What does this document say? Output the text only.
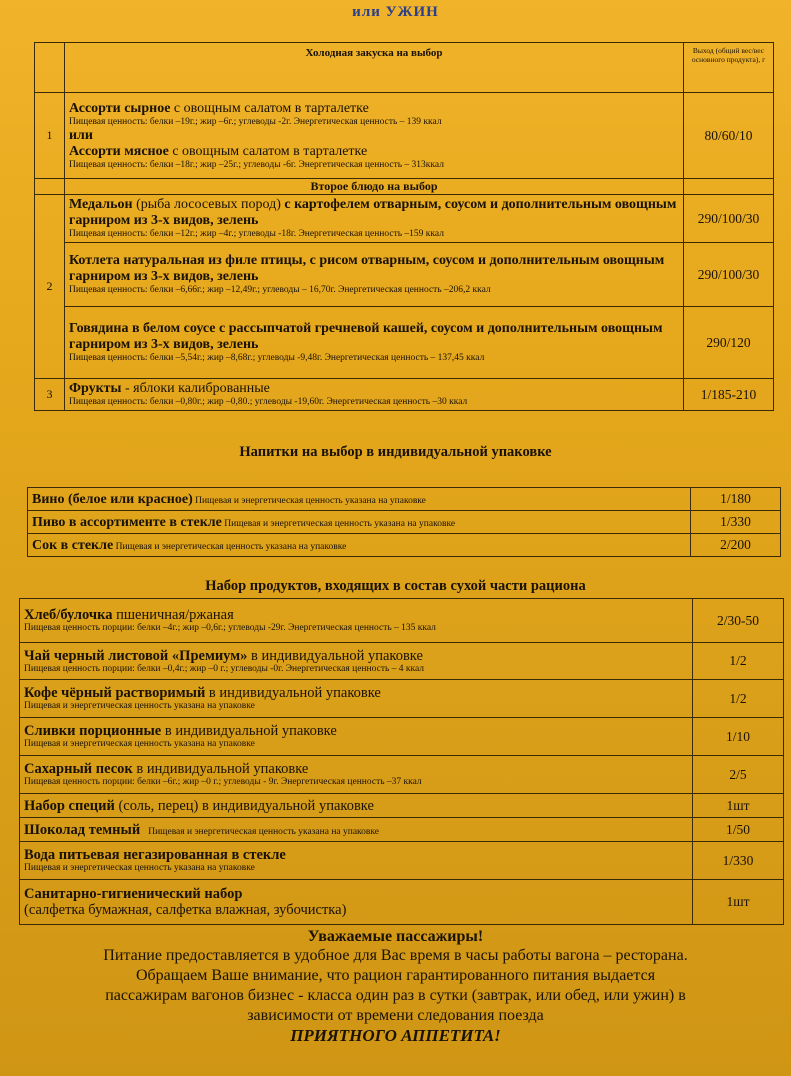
или УЖИН
	Холодная закуска на выбор	Выход (общий вес/вес основного продукта), г
1	Ассорти сырное с овощным салатом в тарталетке
Пищевая ценность: белки –19г.; жир –6г.; углеводы -2г. Энергетическая ценность – 139 ккал
или
Ассорти мясное с овощным салатом в тарталетке
Пищевая ценность: белки –18г.; жир –25г.; углеводы -6г. Энергетическая ценность – 313ккал	80/60/10
	Второе блюдо на выбор	
2	Медальон (рыба лососевых пород) с картофелем отварным, соусом и дополнительным овощным гарниром из 3-х видов, зелень
Пищевая ценность: белки –12г.; жир –4г.; углеводы -18г. Энергетическая ценность –159 ккал	290/100/30

	Котлета натуральная из филе птицы, с рисом отварным, соусом и дополнительным овощным гарниром из 3-х видов, зелень
Пищевая ценность: белки –6,66г.; жир –12,49г.; углеводы – 16,70г. Энергетическая ценность –206,2 ккал	290/100/30

	Говядина в белом соусе с рассыпчатой гречневой кашей, соусом и дополнительным овощным гарниром из 3-х видов, зелень
Пищевая ценность: белки –5,54г.; жир –8,68г.; углеводы -9,48г. Энергетическая ценность – 137,45 ккал	290/120
3	Фрукты - яблоки калиброванные
Пищевая ценность: белки –0,80г.; жир –0,80.; углеводы -19,60г. Энергетическая ценность –30 ккал	1/185-210
Напитки на выбор в индивидуальной упаковке
Вино (белое или красное) Пищевая и энергетическая ценность указана на упаковке	1/180
Пиво в ассортименте в стекле Пищевая и энергетическая ценность указана на упаковке	1/330
Сок в стекле Пищевая и энергетическая ценность указана на упаковке	2/200
Набор продуктов, входящих в состав сухой части рациона
Хлеб/булочка пшеничная/ржаная
Пищевая ценность порции: белки –4г.; жир –0,6г.; углеводы -29г. Энергетическая ценность – 135 ккал	2/30-50

Чай черный листовой «Премиум» в индивидуальной упаковке
Пищевая ценность порции: белки –0,4г.; жир –0 г.; углеводы -0г. Энергетическая ценность – 4 ккал	1/2

Кофе чёрный растворимый в индивидуальной упаковке
Пищевая и энергетическая ценность указана на упаковке	1/2

Сливки порционные в индивидуальной упаковке
Пищевая и энергетическая ценность указана на упаковке	1/10

Сахарный песок в индивидуальной упаковке
Пищевая ценность порции: белки –6г.; жир –0 г.; углеводы - 9г. Энергетическая ценность –37 ккал	2/5

Набор специй (соль, перец) в индивидуальной упаковке	1шт
Шоколад темный Пищевая и энергетическая ценность указана на упаковке	1/50

Вода питьевая негазированная в стекле
Пищевая и энергетическая ценность указана на упаковке	1/330

Санитарно-гигиенический набор
(салфетка бумажная, салфетка влажная, зубочистка)	1шт
Уважаемые пассажиры!
Питание предоставляется в удобное для Вас время в часы работы вагона – ресторана.
Обращаем Ваше внимание, что рацион гарантированного питания выдается
пассажирам вагонов бизнес - класса один раз в сутки (завтрак, или обед, или ужин) в
зависимости от времени следования поезда
ПРИЯТНОГО АППЕТИТА!
